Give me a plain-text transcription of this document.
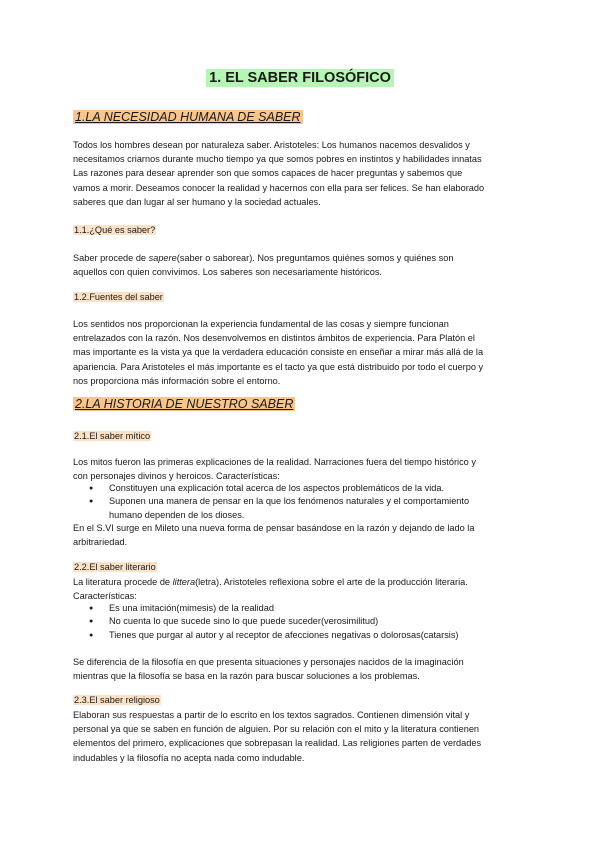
1. EL SABER FILOSÓFICO
1.LA NECESIDAD HUMANA DE SABER
Todos los hombres desean por naturaleza saber. Aristoteles: Los humanos nacemos desvalidos y
necesitamos criarnos durante mucho tiempo ya que somos pobres en instintos y habilidades innatas
Las razones para desear aprender son que somos capaces de hacer preguntas y sabemos que
vamos a morir. Deseamos conocer la realidad y hacernos con ella para ser felices. Se han elaborado
saberes que dan lugar al ser humano y la sociedad actuales.
1.1.¿Qué es saber?
Saber procede de sapere(saber o saborear). Nos preguntamos quiénes somos y quiénes son
aquellos con quien convivimos. Los saberes son necesariamente históricos.
1.2.Fuentes del saber
Los sentidos nos proporcionan la experiencia fundamental de las cosas y siempre funcionan
entrelazados con la razón. Nos desenvolvemos en distintos ámbitos de experiencia. Para Platón el
mas importante es la vista ya que la verdadera educación consiste en enseñar a mirar más allá de la
apariencia. Para Aristoteles el más importante es el tacto ya que está distribuido por todo el cuerpo y
nos proporciona más información sobre el entorno.
2.LA HISTORIA DE NUESTRO SABER
2.1.El saber mítico
Los mitos fueron las primeras explicaciones de la realidad. Narraciones fuera del tiempo histórico y
con personajes divinos y heroicos. Características:
● Constituyen una explicación total acerca de los aspectos problemáticos de la vida.
● Suponen una manera de pensar en la que los fenómenos naturales y el comportamiento
humano dependen de los dioses.
En el S.VI surge en Mileto una nueva forma de pensar basándose en la razón y dejando de lado la
arbitrariedad.
2.2.El saber literario
La literatura procede de littera(letra). Aristoteles reflexiona sobre el arte de la producción literaria.
Características:
● Es una imitación(mimesis) de la realidad
● No cuenta lo que sucede sino lo que puede suceder(verosimilitud)
● Tienes que purgar al autor y al receptor de afecciones negativas o dolorosas(catarsis)
Se diferencia de la filosofía en que presenta situaciones y personajes nacidos de la imaginación
mientras que la filosofía se basa en la razón para buscar soluciones a los problemas.
2.3.El saber religioso
Elaboran sus respuestas a partir de lo escrito en los textos sagrados. Contienen dimensión vital y
personal ya que se saben en función de alguien. Por su relación con el mito y la literatura contienen
elementos del primero, explicaciones que sobrepasan la realidad. Las religiones parten de verdades
indudables y la filosofía no acepta nada como indudable.
